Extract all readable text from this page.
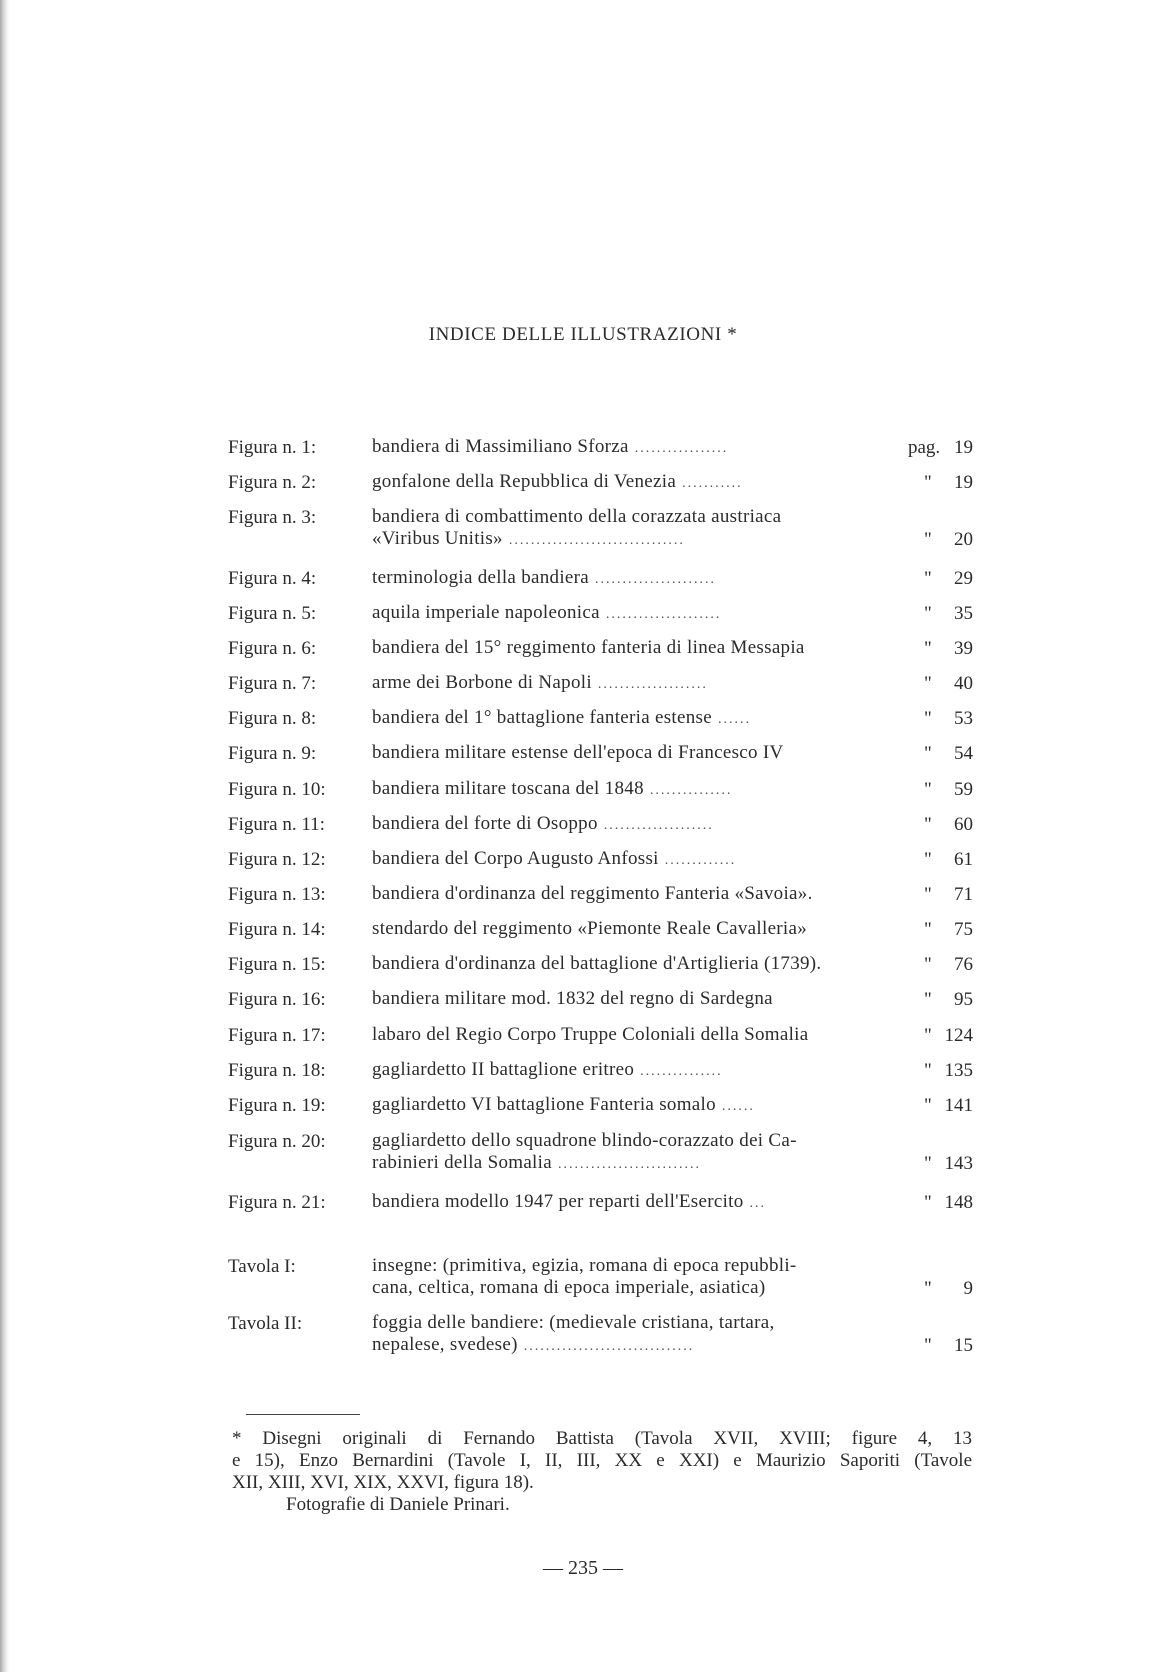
INDICE DELLE ILLUSTRAZIONI *
Figura n. 1:	bandiera di Massimiliano Sforza .................	pag. 19
Figura n. 2:	gonfalone della Repubblica di Venezia ...........	"	19
Figura n. 3:	bandiera di combattimento della corazzata austriaca
«Viribus Unitis» ................................	"	20
Figura n. 4:	terminologia della bandiera ......................	"	29
Figura n. 5:	aquila imperiale napoleonica .....................	"	35
Figura n. 6:	bandiera del 15° reggimento fanteria di linea Messapia	"	39
Figura n. 7:	arme dei Borbone di Napoli ....................	"	40
Figura n. 8:	bandiera del 1° battaglione fanteria estense ......	"	53
Figura n. 9:	bandiera militare estense dell'epoca di Francesco IV	"	54
Figura n. 10: bandiera militare toscana del 1848 ...............	"	59
Figura n. 11: bandiera del forte di Osoppo ....................	"	60
Figura n. 12: bandiera del Corpo Augusto Anfossi .............	"	61
Figura n. 13: bandiera d'ordinanza del reggimento Fanteria «Savoia».	"	71
Figura n. 14: stendardo del reggimento «Piemonte Reale Cavalleria»	"	75
Figura n. 15: bandiera d'ordinanza del battaglione d'Artiglieria (1739).	"	76
Figura n. 16: bandiera militare mod. 1832 del regno di Sardegna	"	95
Figura n. 17: labaro del Regio Corpo Truppe Coloniali della Somalia	" 124
Figura n. 18: gagliardetto II battaglione eritreo ...............	" 135
Figura n. 19: gagliardetto VI battaglione Fanteria somalo ......	" 141
Figura n. 20: gagliardetto dello squadrone blindo-corazzato dei Ca-
rabinieri della Somalia ..........................	" 143
Figura n. 21: bandiera modello 1947 per reparti dell'Esercito ...	" 148
Tavola I:	insegne: (primitiva, egizia, romana di epoca repubbli-
cana, celtica, romana di epoca imperiale, asiatica)	"	9
Tavola II:	foggia delle bandiere: (medievale cristiana, tartara,
nepalese, svedese) ...............................	"	15
* Disegni originali di Fernando Battista (Tavola XVII, XVIII; figure 4, 13
e 15), Enzo Bernardini (Tavole I, II, III, XX e XXI) e Maurizio Saporiti (Tavole
XII, XIII, XVI, XIX, XXVI, figura 18).
Fotografie di Daniele Prinari.
— 235 —
